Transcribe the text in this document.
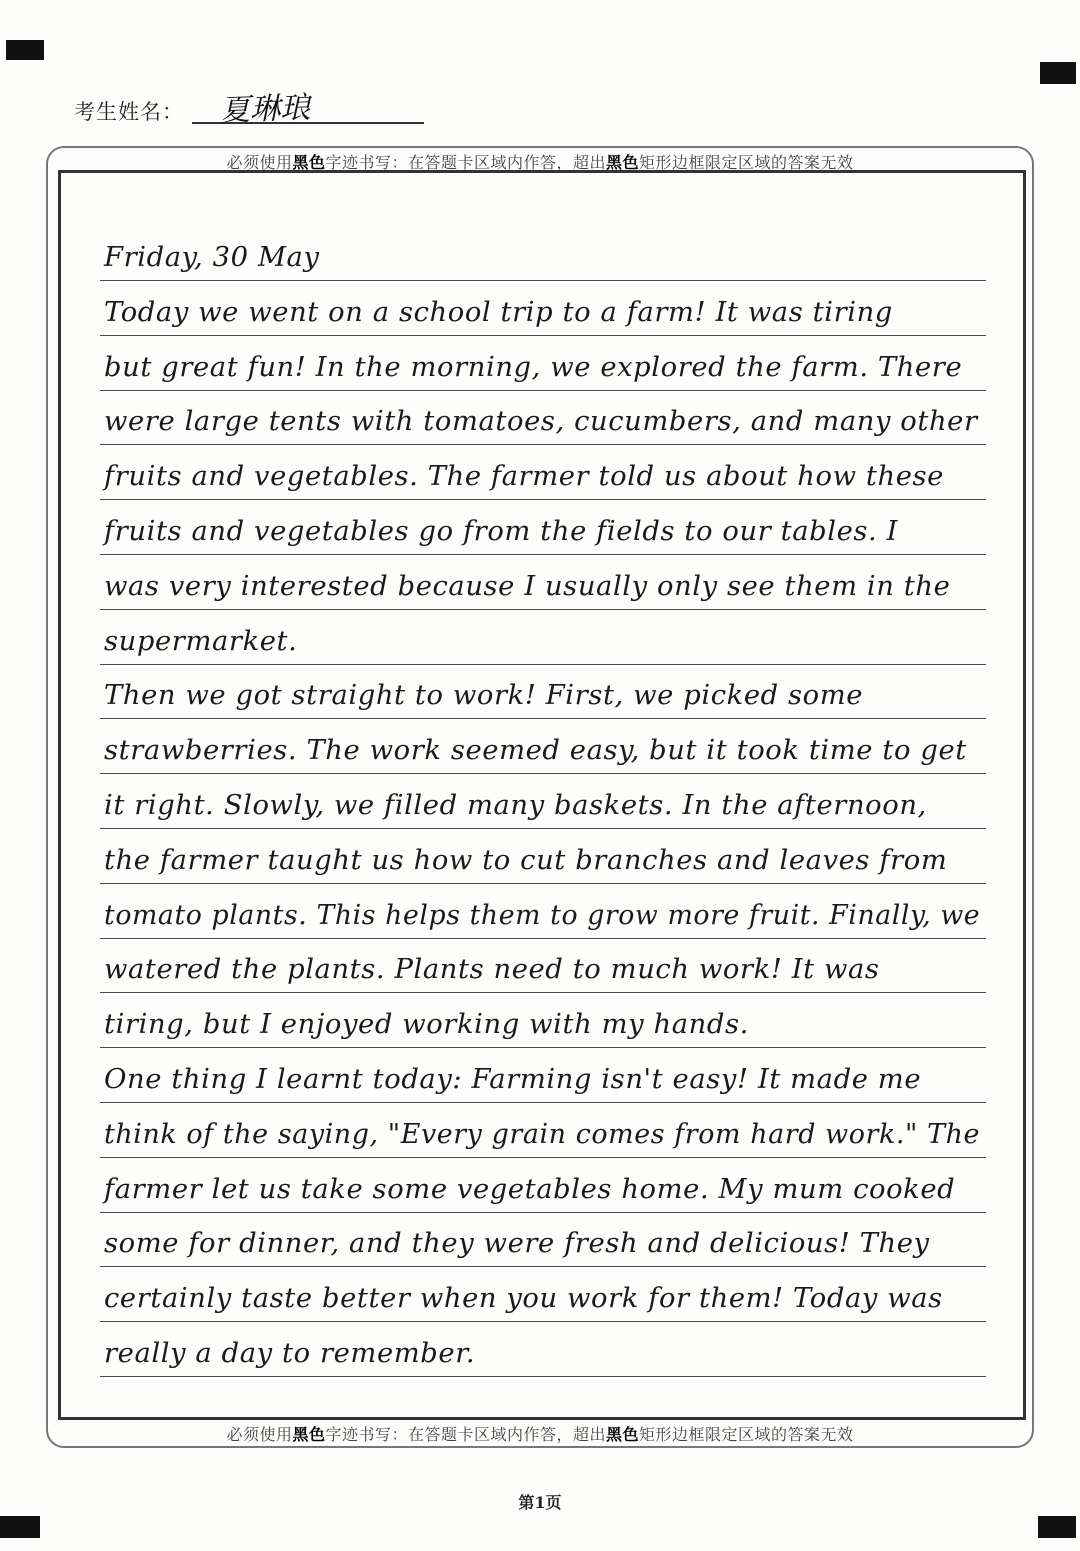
考生姓名： 夏琳琅
必须使用黑色字迹书写：在答题卡区域内作答，超出黑色矩形边框限定区域的答案无效
Friday, 30 May
Today we went on a school trip to a farm! It was tiring
but great fun! In the morning, we explored the farm. There
were large tents with tomatoes, cucumbers, and many other
fruits and vegetables. The farmer told us about how these
fruits and vegetables go from the fields to our tables. I
was very interested because I usually only see them in the
supermarket.
Then we got straight to work! First, we picked some
strawberries. The work seemed easy, but it took time to get
it right. Slowly, we filled many baskets. In the afternoon,
the farmer taught us how to cut branches and leaves from
tomato plants. This helps them to grow more fruit. Finally, we
watered the plants. Plants need to much work! It was
tiring, but I enjoyed working with my hands.
One thing I learnt today: Farming isn't easy! It made me
think of the saying, "Every grain comes from hard work." The
farmer let us take some vegetables home. My mum cooked
some for dinner, and they were fresh and delicious! They
certainly taste better when you work for them! Today was
really a day to remember.
必须使用黑色字迹书写：在答题卡区域内作答，超出黑色矩形边框限定区域的答案无效
第1页
